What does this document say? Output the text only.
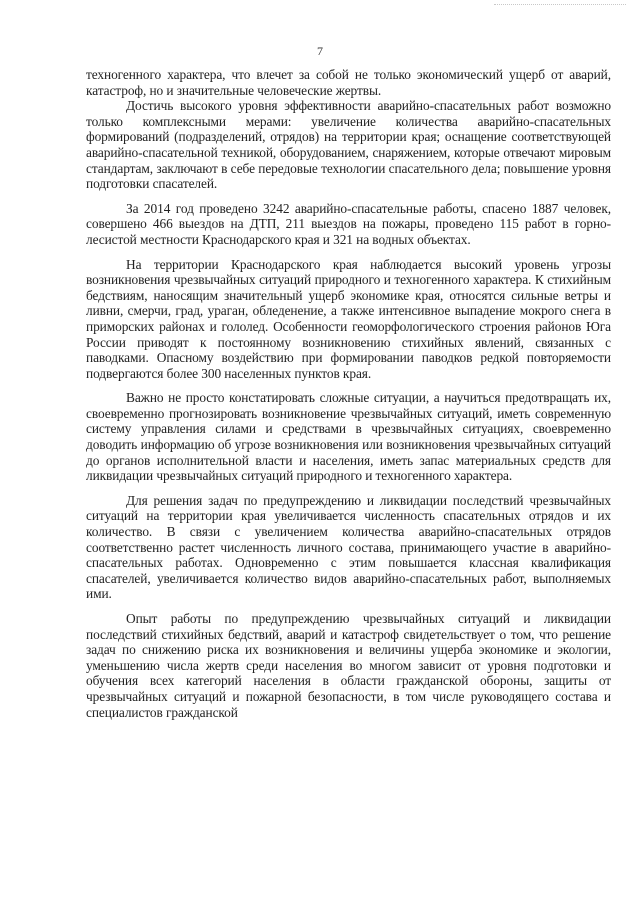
7

техногенного характера, что влечет за собой не только экономический ущерб от аварий, катастроф, но и значительные человеческие жертвы.

Достичь высокого уровня эффективности аварийно-спасательных работ возможно только комплексными мерами: увеличение количества аварийно-спасательных формирований (подразделений, отрядов) на территории края; оснащение соответствующей аварийно-спасательной техникой, оборудованием, снаряжением, которые отвечают мировым стандартам, заключают в себе передовые технологии спасательного дела; повышение уровня подготовки спасателей.

За 2014 год проведено 3242 аварийно-спасательные работы, спасено 1887 человек, совершено 466 выездов на ДТП, 211 выездов на пожары, проведено 115 работ в горно-лесистой местности Краснодарского края и 321 на водных объектах.

На территории Краснодарского края наблюдается высокий уровень угрозы возникновения чрезвычайных ситуаций природного и техногенного характера. К стихийным бедствиям, наносящим значительный ущерб экономике края, относятся сильные ветры и ливни, смерчи, град, ураган, обледенение, а также интенсивное выпадение мокрого снега в приморских районах и гололед. Особенности геоморфологического строения районов Юга России приводят к постоянному возникновению стихийных явлений, связанных с паводками. Опасному воздействию при формировании паводков редкой повторяемости подвергаются более 300 населенных пунктов края.

Важно не просто констатировать сложные ситуации, а научиться предотвращать их, своевременно прогнозировать возникновение чрезвычайных ситуаций, иметь современную систему управления силами и средствами в чрезвычайных ситуациях, своевременно доводить информацию об угрозе возникновения или возникновения чрезвычайных ситуаций до органов исполнительной власти и населения, иметь запас материальных средств для ликвидации чрезвычайных ситуаций природного и техногенного характера.

Для решения задач по предупреждению и ликвидации последствий чрезвычайных ситуаций на территории края увеличивается численность спасательных отрядов и их количество. В связи с увеличением количества аварийно-спасательных отрядов соответственно растет численность личного состава, принимающего участие в аварийно-спасательных работах. Одновременно с этим повышается классная квалификация спасателей, увеличивается количество видов аварийно-спасательных работ, выполняемых ими.

Опыт работы по предупреждению чрезвычайных ситуаций и ликвидации последствий стихийных бедствий, аварий и катастроф свидетельствует о том, что решение задач по снижению риска их возникновения и величины ущерба экономике и экологии, уменьшению числа жертв среди населения во многом зависит от уровня подготовки и обучения всех категорий населения в области гражданской обороны, защиты от чрезвычайных ситуаций и пожарной безопасности, в том числе руководящего состава и специалистов гражданской
